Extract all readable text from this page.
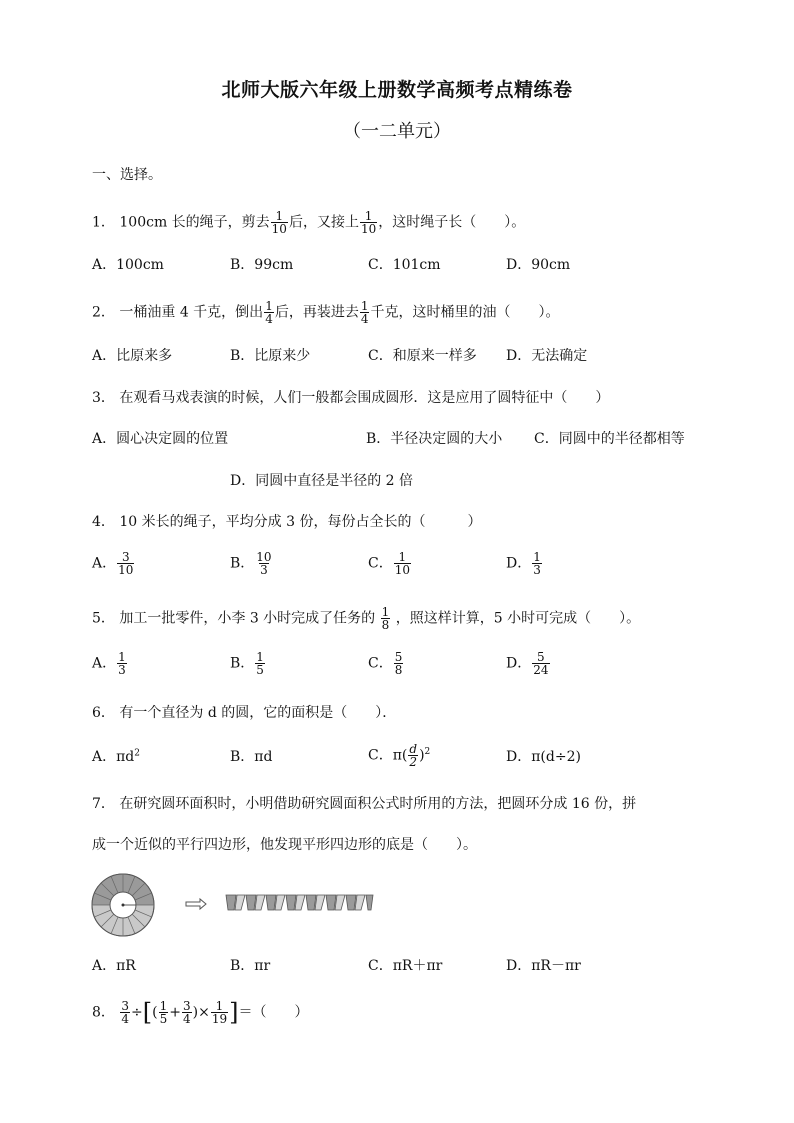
北师大版六年级上册数学高频考点精练卷
（一二单元）
一、选择。
1． 100cm 长的绳子，剪去 $\frac{1}{10}$ 后，又接上 $\frac{1}{10}$ ，这时绳子长（　　）。
A．100cm	B．99cm	C．101cm	D．90cm
2． 一桶油重 4 千克，倒出 $\frac{1}{4}$ 后，再装进去 $\frac{1}{4}$ 千克，这时桶里的油（　　）。
A．比原来多	B．比原来少	C．和原来一样多 D．无法确定
3． 在观看马戏表演的时候，人们一般都会围成圆形．这是应用了圆特征中（　　）
A．圆心决定圆的位置	B．半径决定圆的大小 C．同圆中的半径都相等
D．同圆中直径是半径的 2 倍
4． 10 米长的绳子，平均分成 3 份，每份占全长的（　　　）
A． $\frac{3}{10}$	B． $\frac{10}{3}$	C． $\frac{1}{10}$	D． $\frac{1}{3}$
5． 加工一批零件，小李 3 小时完成了任务的 $\frac{1}{8}$ ，照这样计算，5 小时可完成（　　）。
A． $\frac{1}{3}$	B． $\frac{1}{5}$	C． $\frac{5}{8}$	D． $\frac{5}{24}$
6． 有一个直径为 d 的圆，它的面积是（　　）．
A．$\pi d^2$	B．πd	C．$\pi( \frac{d}{2} )^2$	D．π(d÷2)
7． 在研究圆环面积时，小明借助研究圆面积公式时所用的方法，把圆环分成 16 份，拼
成一个近似的平行四边形，他发现平形四边形的底是（　　）。
A．πR	B．πr	C．πR＋πr	D．πR－πr
8． $\frac{3}{4}$ ÷[( $\frac{1}{5} + \frac{3}{4}$ )× $\frac{1}{19}$ ]＝（　　）
